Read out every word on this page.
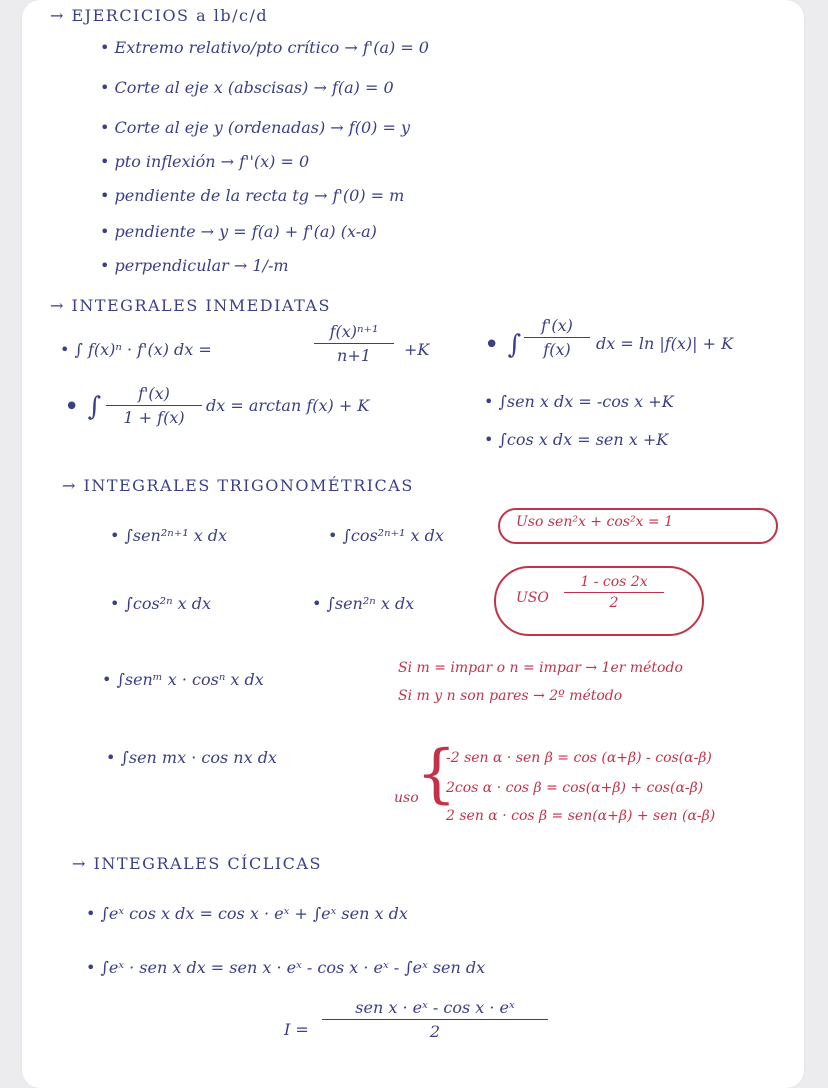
→ EJERCICIOS a lb/c/d
• Extremo relativo/pto crítico → f'(a) = 0
• Corte al eje x (abscisas) → f(a) = 0
• Corte al eje y (ordenadas) → f(0) = y
• pto inflexión → f''(x) = 0
• pendiente de la recta tg → f'(0) = m
• pendiente → y = f(a) + f'(a) (x-a)
• perpendicular → 1/-m
→ INTEGRALES INMEDIATAS
• ∫ f(x)ⁿ · f'(x) dx =
f(x)ⁿ⁺¹
n+1	+K • ∫
f'(x)
f(x)	dx = ln |f(x)| + K
• ∫	f'(x)
1 + f(x)
dx = arctan f(x) + K	• ∫sen x dx = -cos x +K
• ∫cos x dx = sen x +K
→ INTEGRALES TRIGONOMÉTRICAS
• ∫sen²ⁿ⁺¹ x dx	• ∫cos²ⁿ⁺¹ x dx
Uso sen²x + cos²x = 1
• ∫cos²ⁿ x dx	• ∫sen²ⁿ x dx	USO
1 - cos 2x
2
• ∫senᵐ x · cosⁿ x dx
Si m = impar o n = impar → 1er método
Si m y n son pares → 2º método
• ∫sen mx · cos nx dx
uso
{
-2 sen α · sen β = cos (α+β) - cos(α-β)
2cos α · cos β = cos(α+β) + cos(α-β)
2 sen α · cos β = sen(α+β) + sen (α-β)
→ INTEGRALES CÍCLICAS
• ∫eˣ cos x dx = cos x · eˣ + ∫eˣ sen x dx
• ∫eˣ · sen x dx = sen x · eˣ - cos x · eˣ - ∫eˣ sen dx
I =
sen x · eˣ - cos x · eˣ
2
